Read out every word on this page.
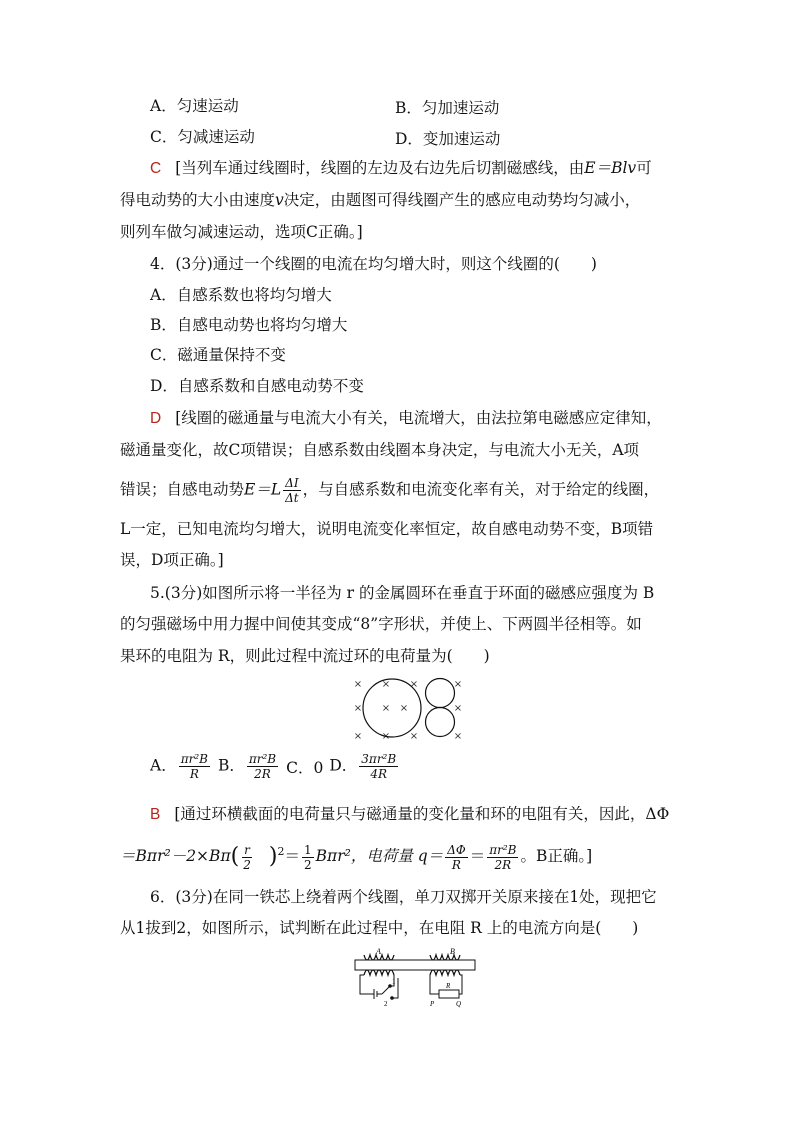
A．匀速运动	B．匀加速运动
C．匀减速运动	D．变加速运动
C [当列车通过线圈时，线圈的左边及右边先后切割磁感线，由E＝Blv可
得电动势的大小由速度v决定，由题图可得线圈产生的感应电动势均匀减小，
则列车做匀减速运动，选项C正确。]
4．(3分)通过一个线圈的电流在均匀增大时，则这个线圈的(　　)
A．自感系数也将均匀增大
B．自感电动势也将均匀增大
C．磁通量保持不变
D．自感系数和自感电动势不变
D [线圈的磁通量与电流大小有关，电流增大，由法拉第电磁感应定律知，
磁通量变化，故C项错误；自感系数由线圈本身决定，与电流大小无关，A项
错误；自感电动势$E=L \frac{\Delta I}{\Delta t}$ ，与自感系数和电流变化率有关，对于给定的线圈，
L一定，已知电流均匀增大，说明电流变化率恒定，故自感电动势不变，B项错
误，D项正确。]
5.(3分)如图所示将一半径为 r 的金属圆环在垂直于环面的磁感应强度为 B
的匀强磁场中用力握中间使其变成“8”字形状，并使上、下两圆半径相等。如
果环的电阻为 R，则此过程中流过环的电荷量为(　　)
× × ×	×
× × ×	×
× × ×	×
A． $\frac{\text{πr²B}}{R}$ B． $\frac{\text{πr²B}}{2R}$ C．0 D． $\frac{\text{3πr²B}}{4R}$
B [通过环横截面的电荷量只与磁通量的变化量和环的电阻有关，因此，ΔΦ
$=B\pi r^2-2\times B\pi( \frac{r}{2} )^2= \frac{1}{2} B\pi r^2$，电荷量 $q= \frac{\Delta\Phi}{R} = \frac{\text{πr²B}}{2R}$ 。B正确。]
6．(3分)在同一铁芯上绕着两个线圈，单刀双掷开关原来接在1处，现把它
从1拔到2，如图所示，试判断在此过程中，在电阻 R 上的电流方向是(　　)
A	B
1
2
R
P	Q
